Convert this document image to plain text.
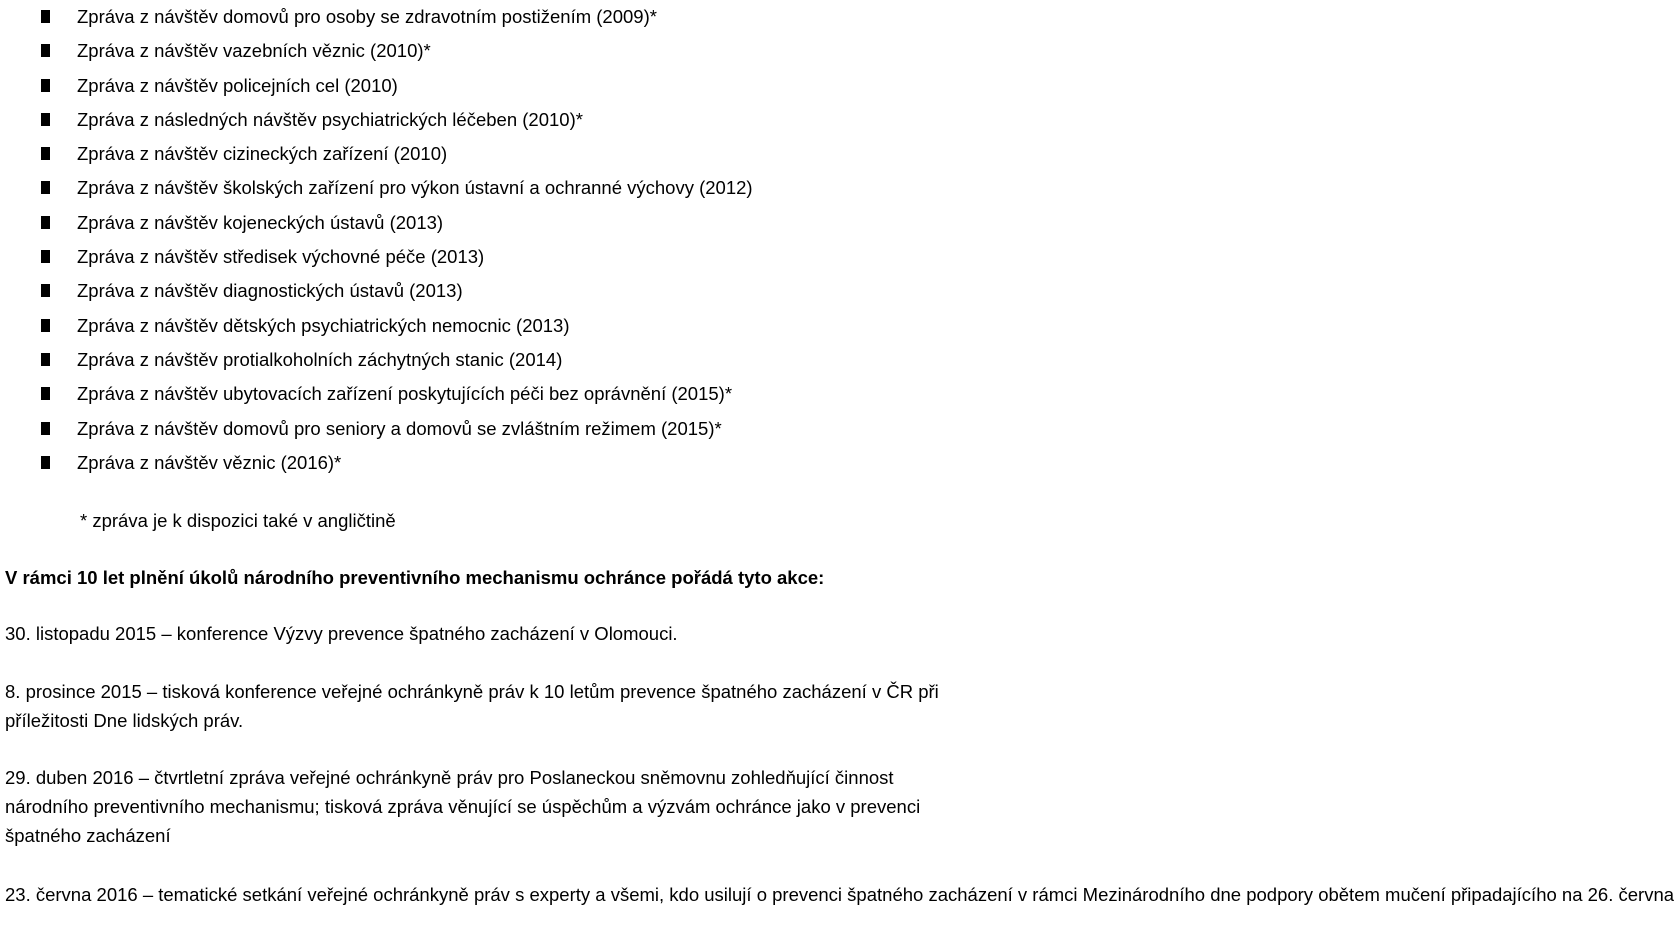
Zpráva z návštěv domovů pro osoby se zdravotním postižením (2009)*
Zpráva z návštěv vazebních věznic (2010)*
Zpráva z návštěv policejních cel (2010)
Zpráva z následných návštěv psychiatrických léčeben (2010)*
Zpráva z návštěv cizineckých zařízení (2010)
Zpráva z návštěv školských zařízení pro výkon ústavní a ochranné výchovy (2012)
Zpráva z návštěv kojeneckých ústavů (2013)
Zpráva z návštěv středisek výchovné péče (2013)
Zpráva z návštěv diagnostických ústavů (2013)
Zpráva z návštěv dětských psychiatrických nemocnic (2013)
Zpráva z návštěv protialkoholních záchytných stanic (2014)
Zpráva z návštěv ubytovacích zařízení poskytujících péči bez oprávnění (2015)*
Zpráva z návštěv domovů pro seniory a domovů se zvláštním režimem (2015)*
Zpráva z návštěv věznic (2016)*
* zpráva je k dispozici také v angličtině
V rámci 10 let plnění úkolů národního preventivního mechanismu ochránce pořádá tyto akce:

30. listopadu 2015 – konference Výzvy prevence špatného zacházení v Olomouci.

8. prosince 2015 – tisková konference veřejné ochránkyně práv k 10 letům prevence špatného zacházení v ČR při příležitosti Dne lidských práv.

29. duben 2016 – čtvrtletní zpráva veřejné ochránkyně práv pro Poslaneckou sněmovnu zohledňující činnost národního preventivního mechanismu; tisková zpráva věnující se úspěchům a výzvám ochránce jako v prevenci špatného zacházení

23. června 2016 – tematické setkání veřejné ochránkyně práv s experty a všemi, kdo usilují o prevenci špatného zacházení v rámci Mezinárodního dne podpory obětem mučení připadajícího na 26. června
